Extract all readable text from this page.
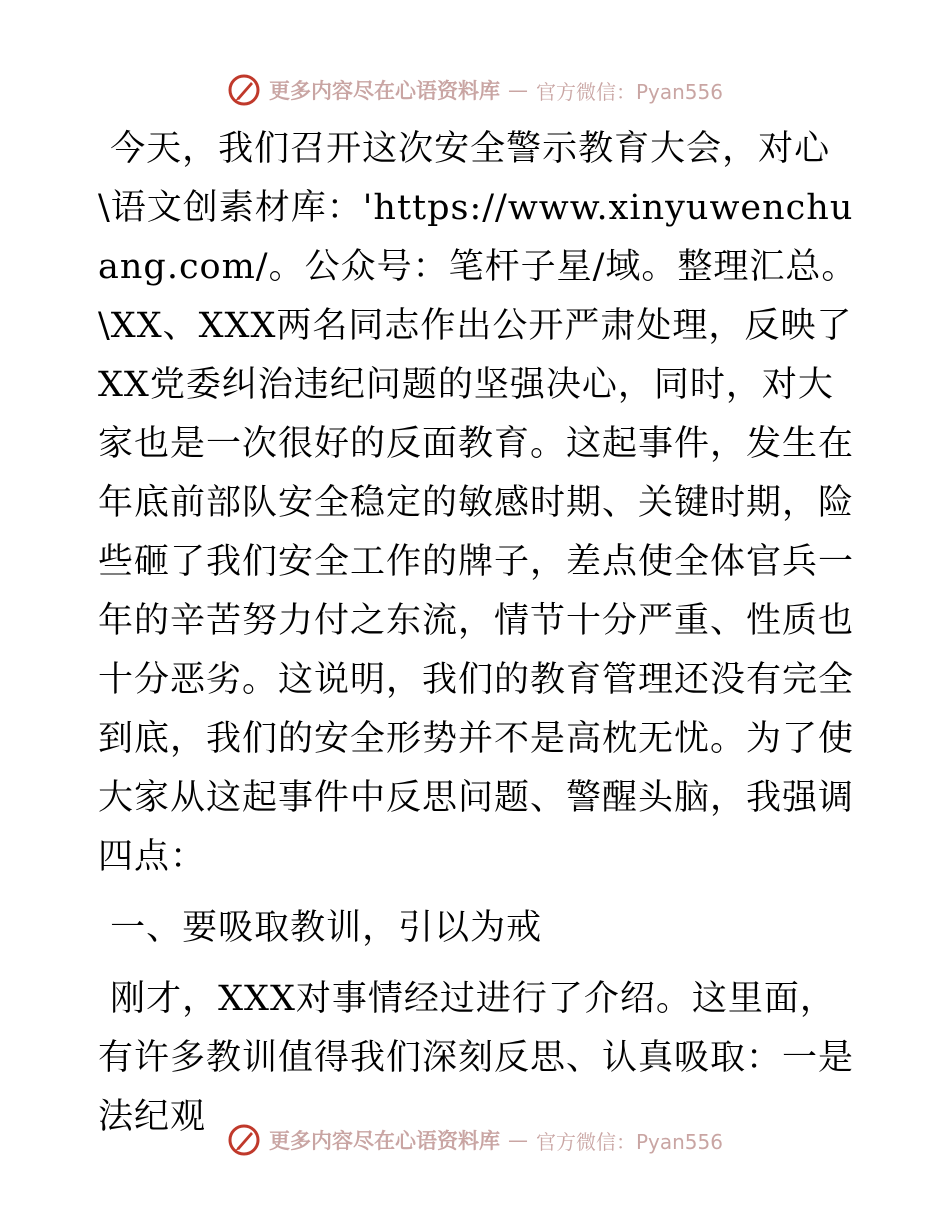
更多内容尽在心语资料库 — 官方微信：Pyan556

今天，我们召开这次安全警示教育大会，对心\语文创素材库：'https://www.xinyuwenchuang.com/。公众号：笔杆子星/域。整理汇总。\XX、XXX两名同志作出公开严肃处理，反映了XX党委纠治违纪问题的坚强决心，同时，对大家也是一次很好的反面教育。这起事件，发生在年底前部队安全稳定的敏感时期、关键时期，险些砸了我们安全工作的牌子，差点使全体官兵一年的辛苦努力付之东流，情节十分严重、性质也十分恶劣。这说明，我们的教育管理还没有完全到底，我们的安全形势并不是高枕无忧。为了使大家从这起事件中反思问题、警醒头脑，我强调四点：

一、要吸取教训，引以为戒

刚才，XXX对事情经过进行了介绍。这里面，有许多教训值得我们深刻反思、认真吸取：一是法纪观

更多内容尽在心语资料库 — 官方微信：Pyan556
